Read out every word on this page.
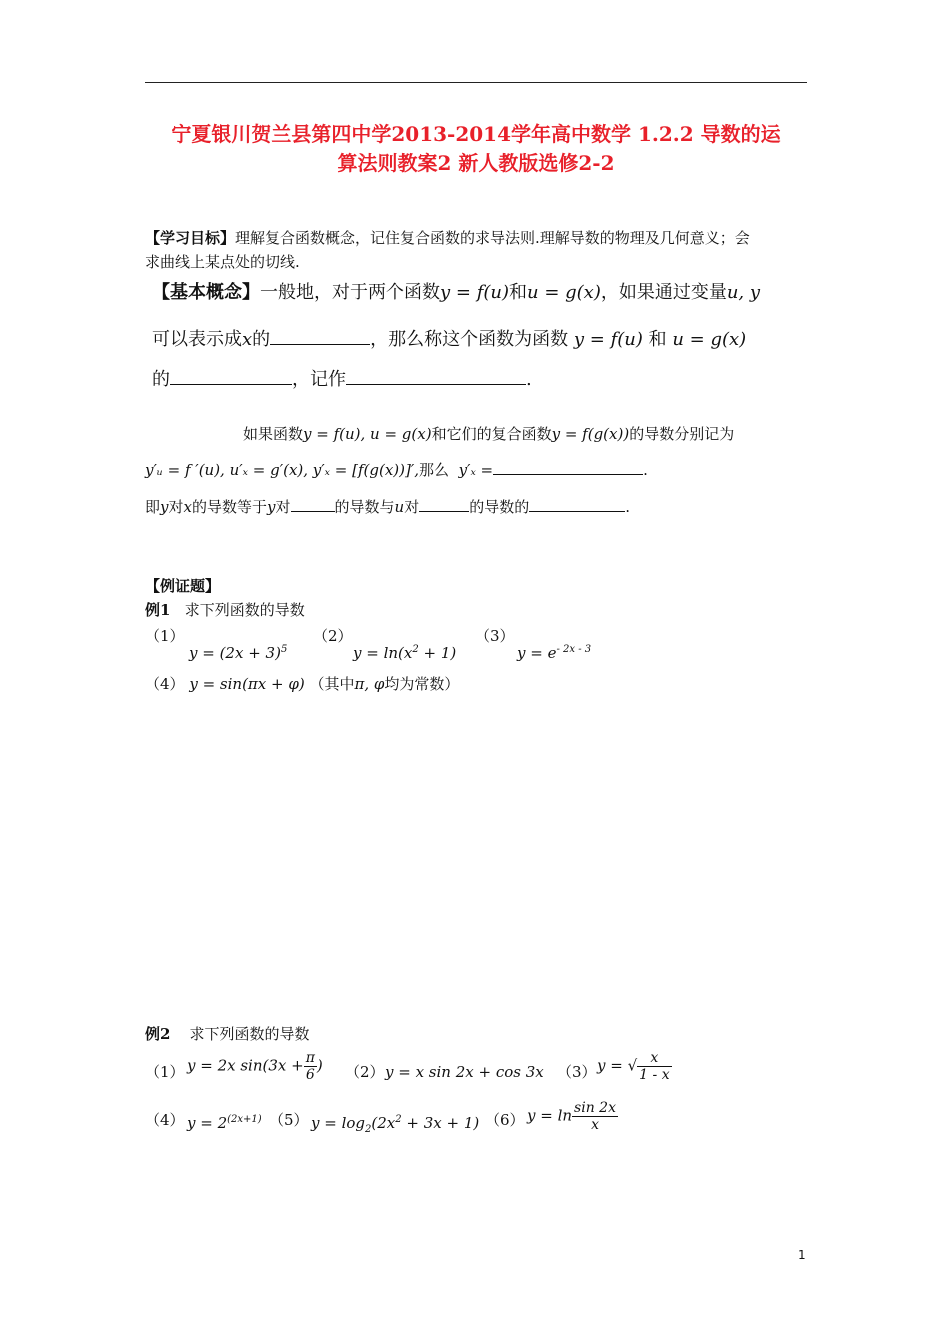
宁夏银川贺兰县第四中学2013-2014学年高中数学 1.2.2 导数的运
算法则教案2 新人教版选修2-2
【学习目标】理解复合函数概念，记住复合函数的求导法则.理解导数的物理及几何意义；会
求曲线上某点处的切线.
【基本概念】一般地，对于两个函数y = f(u)和u = g(x)，如果通过变量u, y
可以表示成x的	，那么称这个函数为函数 y = f(u) 和 u = g(x)
的	，记作	.
如果函数y = f(u), u = g(x)和它们的复合函数y = f(g(x))的导数分别记为
y′ᵤ = f ′(u), u′ₓ = g′(x), y′ₓ = [f(g(x))]′,那么 y′ₓ =	.
即y对x的导数等于y对	的导数与u对	的导数的	.
【例证题】
例1 求下列函数的导数
（1）
$y = (2x + 3)^5$
（2）
$y = \ln(x^2 + 1)$
（3）
$y = e^{- 2x - 3}$
（4） y = sin(πx + φ) （其中π, φ均为常数）
例2 求下列函数的导数
（1） y = 2x $\sin(3x + \frac{\pi}{6}$ ) （2） y = x sin 2x + cos 3x （3） y = √ $\frac{x}{1 - x}$
（4） $y = 2^{(2x+1)}$ （5） $y = \log_2(2x^2 + 3x + 1)$ （6） $y = \ln \frac{\sin 2x}{x}$
1
